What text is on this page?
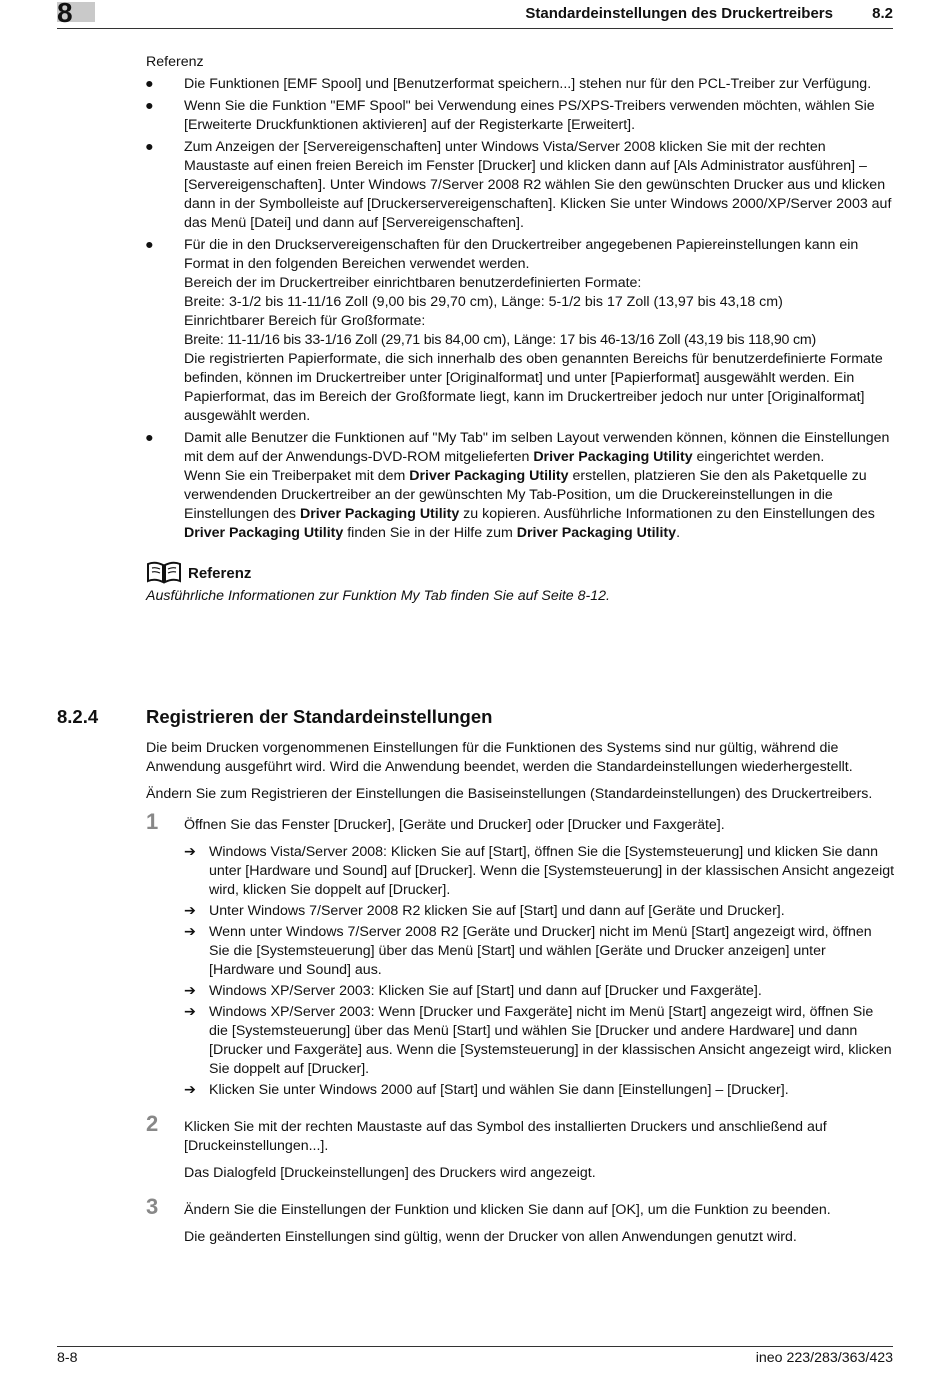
8	Standardeinstellungen des Druckertreibers	8.2

Referenz

● Die Funktionen [EMF Spool] und [Benutzerformat speichern...] stehen nur für den PCL-Treiber zur Verfügung.
● Wenn Sie die Funktion "EMF Spool" bei Verwendung eines PS/XPS-Treibers verwenden möchten, wählen Sie [Erweiterte Druckfunktionen aktivieren] auf der Registerkarte [Erweitert].
● Zum Anzeigen der [Servereigenschaften] unter Windows Vista/Server 2008 klicken Sie mit der rechten Maustaste auf einen freien Bereich im Fenster [Drucker] und klicken dann auf [Als Administrator ausführen] – [Servereigenschaften]. Unter Windows 7/Server 2008 R2 wählen Sie den gewünschten Drucker aus und klicken dann in der Symbolleiste auf [Druckerservereigenschaften]. Klicken Sie unter Windows 2000/XP/Server 2003 auf das Menü [Datei] und dann auf [Servereigenschaften].
● Für die in den Druckservereigenschaften für den Druckertreiber angegebenen Papiereinstellungen kann ein Format in den folgenden Bereichen verwendet werden.

Bereich der im Druckertreiber einrichtbaren benutzerdefinierten Formate:

Breite: 3-1/2 bis 11-11/16 Zoll (9,00 bis 29,70 cm), Länge: 5-1/2 bis 17 Zoll (13,97 bis 43,18 cm)

Einrichtbarer Bereich für Großformate:

Breite: 11-11/16 bis 33-1/16 Zoll (29,71 bis 84,00 cm), Länge: 17 bis 46-13/16 Zoll (43,19 bis 118,90 cm)

Die registrierten Papierformate, die sich innerhalb des oben genannten Bereichs für benutzerdefinierte Formate befinden, können im Druckertreiber unter [Originalformat] und unter [Papierformat] ausgewählt werden. Ein Papierformat, das im Bereich der Großformate liegt, kann im Druckertreiber jedoch nur unter [Originalformat] ausgewählt werden.

● Damit alle Benutzer die Funktionen auf "My Tab" im selben Layout verwenden können, können die Einstellungen mit dem auf der Anwendungs-DVD-ROM mitgelieferten Driver Packaging Utility eingerichtet werden.

Wenn Sie ein Treiberpaket mit dem Driver Packaging Utility erstellen, platzieren Sie den als Paketquelle zu verwendenden Druckertreiber an der gewünschten My Tab-Position, um die Druckereinstellungen in die Einstellungen des Driver Packaging Utility zu kopieren. Ausführliche Informationen zu den Einstellungen des Driver Packaging Utility finden Sie in der Hilfe zum Driver Packaging Utility.

Referenz

Ausführliche Informationen zur Funktion My Tab finden Sie auf Seite 8-12.

8.2.4	Registrieren der Standardeinstellungen

Die beim Drucken vorgenommenen Einstellungen für die Funktionen des Systems sind nur gültig, während die Anwendung ausgeführt wird. Wird die Anwendung beendet, werden die Standardeinstellungen wiederhergestellt.

Ändern Sie zum Registrieren der Einstellungen die Basiseinstellungen (Standardeinstellungen) des Druckertreibers.

1 Öffnen Sie das Fenster [Drucker], [Geräte und Drucker] oder [Drucker und Faxgeräte].

➔ Windows Vista/Server 2008: Klicken Sie auf [Start], öffnen Sie die [Systemsteuerung] und klicken Sie dann unter [Hardware und Sound] auf [Drucker]. Wenn die [Systemsteuerung] in der klassischen Ansicht angezeigt wird, klicken Sie doppelt auf [Drucker].
➔ Unter Windows 7/Server 2008 R2 klicken Sie auf [Start] und dann auf [Geräte und Drucker].
➔ Wenn unter Windows 7/Server 2008 R2 [Geräte und Drucker] nicht im Menü [Start] angezeigt wird, öffnen Sie die [Systemsteuerung] über das Menü [Start] und wählen [Geräte und Drucker anzeigen] unter [Hardware und Sound] aus.
➔ Windows XP/Server 2003: Klicken Sie auf [Start] und dann auf [Drucker und Faxgeräte].
➔ Windows XP/Server 2003: Wenn [Drucker und Faxgeräte] nicht im Menü [Start] angezeigt wird, öffnen Sie die [Systemsteuerung] über das Menü [Start] und wählen Sie [Drucker und andere Hardware] und dann [Drucker und Faxgeräte] aus. Wenn die [Systemsteuerung] in der klassischen Ansicht angezeigt wird, klicken Sie doppelt auf [Drucker].
➔ Klicken Sie unter Windows 2000 auf [Start] und wählen Sie dann [Einstellungen] – [Drucker].
2 Klicken Sie mit der rechten Maustaste auf das Symbol des installierten Druckers und anschließend auf [Druckeinstellungen...].

Das Dialogfeld [Druckeinstellungen] des Druckers wird angezeigt.

3 Ändern Sie die Einstellungen der Funktion und klicken Sie dann auf [OK], um die Funktion zu beenden.

Die geänderten Einstellungen sind gültig, wenn der Drucker von allen Anwendungen genutzt wird.

8-8	ineo 223/283/363/423
